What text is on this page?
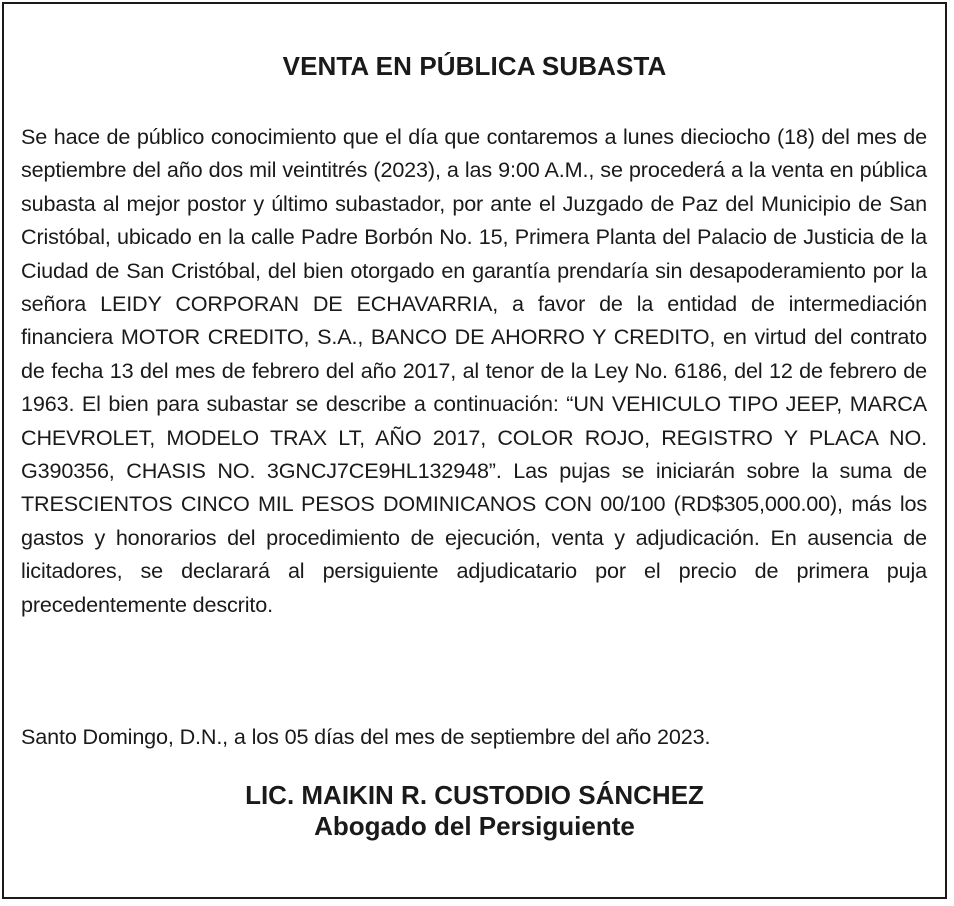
VENTA EN PÚBLICA SUBASTA

Se hace de público conocimiento que el día que contaremos a lunes dieciocho (18) del mes de septiembre del año dos mil veintitrés (2023), a las 9:00 A.M., se procederá a la venta en pública subasta al mejor postor y último subastador, por ante el Juzgado de Paz del Municipio de San Cristóbal, ubicado en la calle Padre Borbón No. 15, Primera Planta del Palacio de Justicia de la Ciudad de San Cristóbal, del bien otorgado en garantía prendaría sin desapoderamiento por la señora LEIDY CORPORAN DE ECHAVARRIA, a favor de la entidad de intermediación financiera MOTOR CREDITO, S.A., BANCO DE AHORRO Y CREDITO, en virtud del contrato de fecha 13 del mes de febrero del año 2017, al tenor de la Ley No. 6186, del 12 de febrero de 1963. El bien para subastar se describe a continuación: “UN VEHICULO TIPO JEEP, MARCA CHEVROLET, MODELO TRAX LT, AÑO 2017, COLOR ROJO, REGISTRO Y PLACA NO. G390356, CHASIS NO. 3GNCJ7CE9HL132948”. Las pujas se iniciarán sobre la suma de TRESCIENTOS CINCO MIL PESOS DOMINICANOS CON 00/100 (RD$305,000.00), más los gastos y honorarios del procedimiento de ejecución, venta y adjudicación. En ausencia de licitadores, se declarará al persiguiente adjudicatario por el precio de primera puja precedentemente descrito.

Santo Domingo, D.N., a los 05 días del mes de septiembre del año 2023.

LIC. MAIKIN R. CUSTODIO SÁNCHEZ
Abogado del Persiguiente
